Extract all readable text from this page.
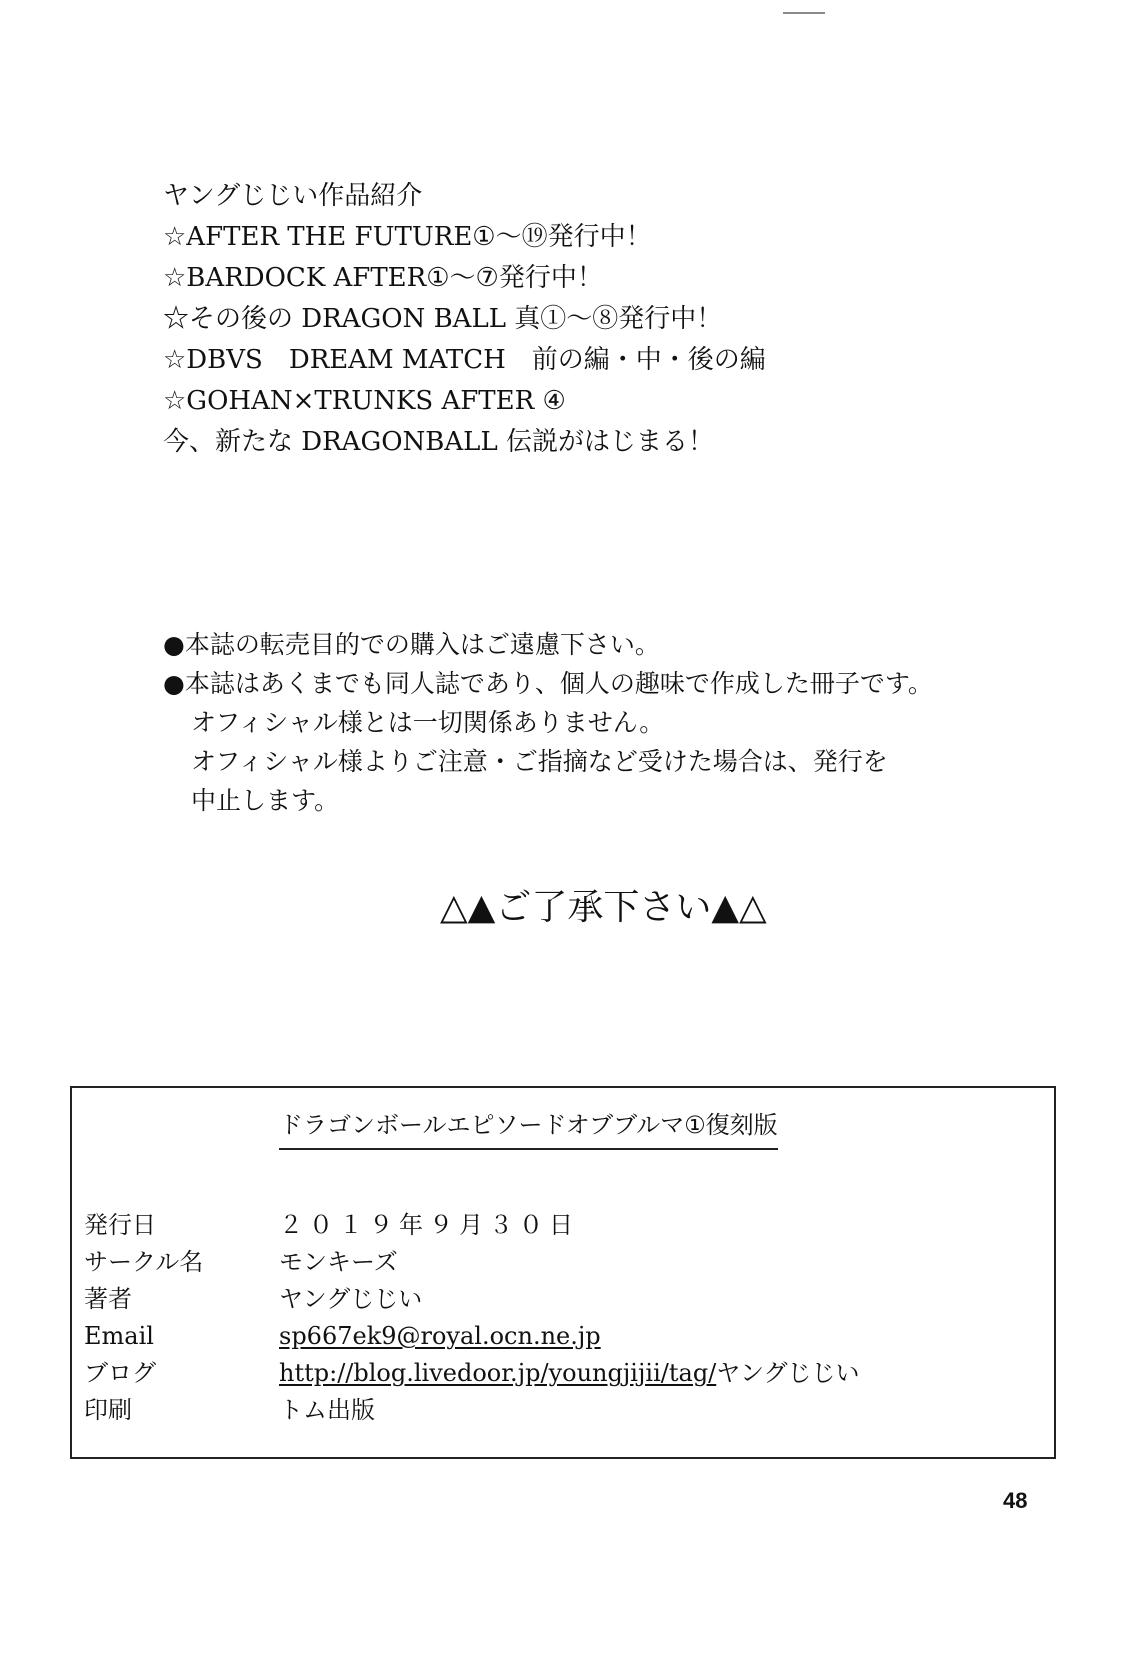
ヤングじじい作品紹介
☆AFTER THE FUTURE①～⑲発行中！
☆BARDOCK AFTER①～⑦発行中！
☆その後の DRAGON BALL 真①～⑧発行中！
☆DBVS　DREAM MATCH　前の編・中・後の編
☆GOHAN×TRUNKS AFTER ④
今、新たな DRAGONBALL 伝説がはじまる！
●本誌の転売目的での購入はご遠慮下さい。
●本誌はあくまでも同人誌であり、個人の趣味で作成した冊子です。
オフィシャル様とは一切関係ありません。
オフィシャル様よりご注意・ご指摘など受けた場合は、発行を
中止します。
△▲ご了承下さい▲△
ドラゴンボールエピソードオブブルマ①復刻版
発行日	２０１９年９月３０日
サークル名	モンキーズ
著者	ヤングじじい
Email	sp667ek9@royal.ocn.ne.jp
ブログ	http://blog.livedoor.jp/youngjijii/tag/ヤングじじい
印刷	トム出版
48
